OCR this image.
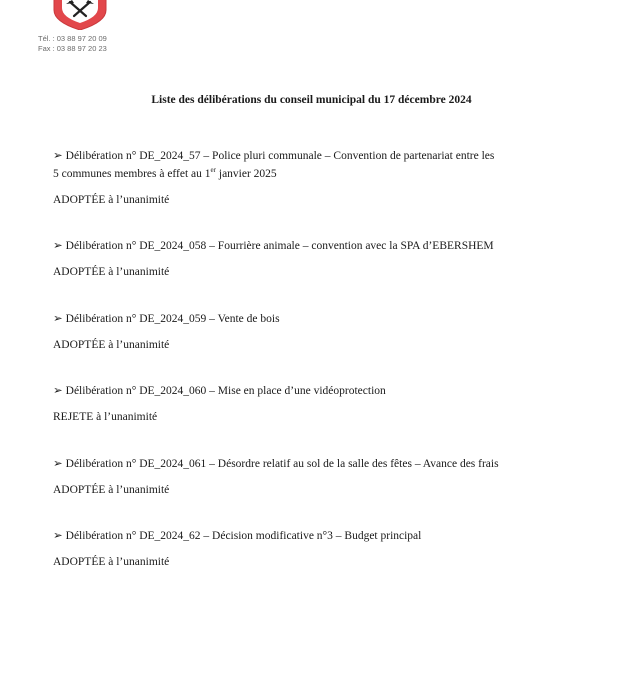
Tél. : 03 88 97 20 09
Fax : 03 88 97 20 23
Liste des délibérations du conseil municipal du 17 décembre 2024

➢ Délibération n° DE_2024_57 – Police pluri communale – Convention de partenariat entre les

5 communes membres à effet au 1er janvier 2025

ADOPTÉE à l’unanimité

➢ Délibération n° DE_2024_058 – Fourrière animale – convention avec la SPA d’EBERSHEM

ADOPTÉE à l’unanimité

➢ Délibération n° DE_2024_059 – Vente de bois

ADOPTÉE à l’unanimité

➢ Délibération n° DE_2024_060 – Mise en place d’une vidéoprotection

REJETE à l’unanimité

➢ Délibération n° DE_2024_061 – Désordre relatif au sol de la salle des fêtes – Avance des frais

ADOPTÉE à l’unanimité

➢ Délibération n° DE_2024_62 – Décision modificative n°3 – Budget principal

ADOPTÉE à l’unanimité
